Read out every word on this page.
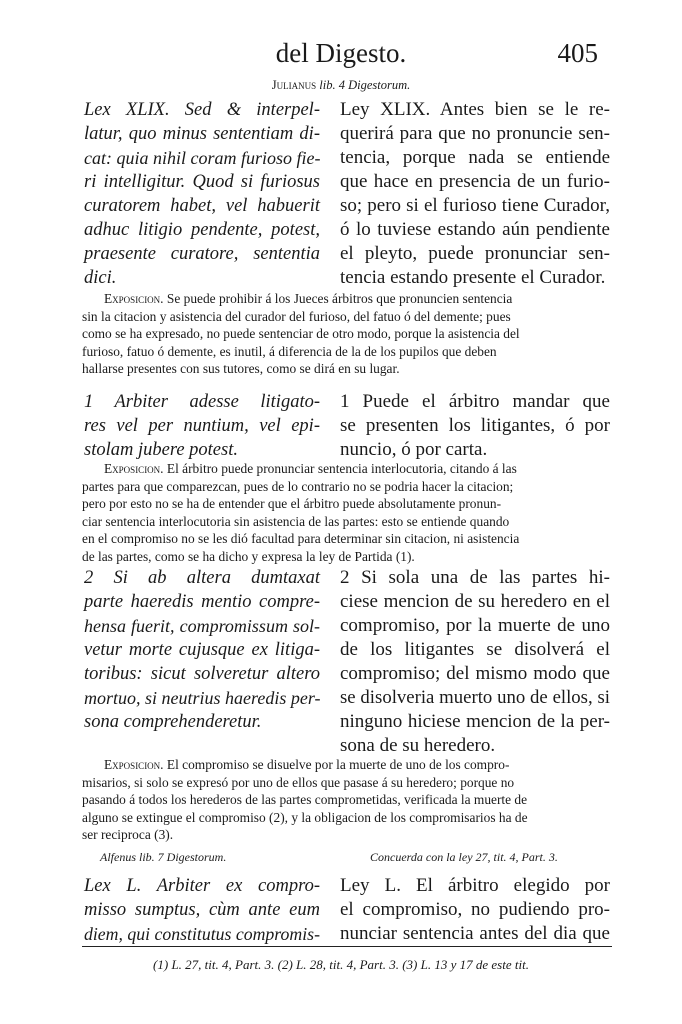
del Digesto.	405
Julianus lib. 4 Digestorum.
Lex XLIX. Sed & interpel-
latur, quo minus sententiam di-
cat: quia nihil coram furioso fie-
ri intelligitur. Quod si furiosus
curatorem habet, vel habuerit
adhuc litigio pendente, potest,
praesente curatore, sententia
dici.
Ley XLIX. Antes bien se le re-
querirá para que no pronuncie sen-
tencia, porque nada se entiende
que hace en presencia de un furio-
so; pero si el furioso tiene Curador,
ó lo tuviese estando aún pendiente
el pleyto, puede pronunciar sen-
tencia estando presente el Curador.
Exposicion. Se puede prohibir á los Jueces árbitros que pronuncien sentencia
sin la citacion y asistencia del curador del furioso, del fatuo ó del demente; pues
como se ha expresado, no puede sentenciar de otro modo, porque la asistencia del
furioso, fatuo ó demente, es inutil, á diferencia de la de los pupilos que deben
hallarse presentes con sus tutores, como se dirá en su lugar.
1 Arbiter adesse litigato-
res vel per nuntium, vel epi-
stolam jubere potest.
1 Puede el árbitro mandar que
se presenten los litigantes, ó por
nuncio, ó por carta.
Exposicion. El árbitro puede pronunciar sentencia interlocutoria, citando á las
partes para que comparezcan, pues de lo contrario no se podria hacer la citacion;
pero por esto no se ha de entender que el árbitro puede absolutamente pronun-
ciar sentencia interlocutoria sin asistencia de las partes: esto se entiende quando
en el compromiso no se les dió facultad para determinar sin citacion, ni asistencia
de las partes, como se ha dicho y expresa la ley de Partida (1).
2 Si ab altera dumtaxat
parte haeredis mentio compre-
hensa fuerit, compromissum sol-
vetur morte cujusque ex litiga-
toribus: sicut solveretur altero
mortuo, si neutrius haeredis per-
sona comprehenderetur.
2 Si sola una de las partes hi-
ciese mencion de su heredero en el
compromiso, por la muerte de uno
de los litigantes se disolverá el
compromiso; del mismo modo que
se disolveria muerto uno de ellos, si
ninguno hiciese mencion de la per-
sona de su heredero.
Exposicion. El compromiso se disuelve por la muerte de uno de los compro-
misarios, si solo se expresó por uno de ellos que pasase á su heredero; porque no
pasando á todos los herederos de las partes comprometidas, verificada la muerte de
alguno se extingue el compromiso (2), y la obligacion de los compromisarios ha de
ser reciproca (3).
Alfenus lib. 7 Digestorum.	Concuerda con la ley 27, tit. 4, Part. 3.
Lex L. Arbiter ex compro-
misso sumptus, cùm ante eum
diem, qui constitutus compromis-
Ley L. El árbitro elegido por
el compromiso, no pudiendo pro-
nunciar sentencia antes del dia que
(1) L. 27, tit. 4, Part. 3. (2) L. 28, tit. 4, Part. 3. (3) L. 13 y 17 de este tit.
